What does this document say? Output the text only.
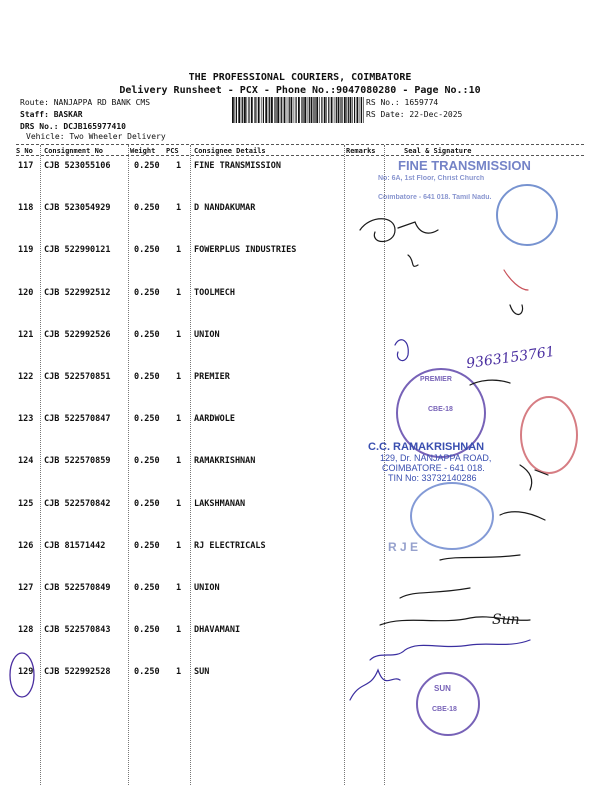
THE PROFESSIONAL COURIERS, COIMBATORE
Delivery Runsheet - PCX - Phone No.:9047080280 - Page No.:10
Route: NANJAPPA RD BANK CMS
Staff: BASKAR
DRS No.: DCJB165977410
Vehicle: Two Wheeler Delivery
RS No.: 1659774
RS Date: 22-Dec-2025
S No Consignment No	Weight PCS Consignee Details	Remarks	Seal & Signature
117 CJB 523055106	0.250 1 FINE TRANSMISSION
118 CJB 523054929	0.250 1 D NANDAKUMAR
119 CJB 522990121	0.250 1 FOWERPLUS INDUSTRIES
120 CJB 522992512	0.250 1 TOOLMECH
121 CJB 522992526	0.250 1 UNION
122 CJB 522570851	0.250 1 PREMIER
123 CJB 522570847	0.250 1 AARDWOLE
124 CJB 522570859	0.250 1 RAMAKRISHNAN
125 CJB 522570842	0.250 1 LAKSHMANAN
126 CJB 81571442	0.250 1 RJ ELECTRICALS
127 CJB 522570849	0.250 1 UNION
128 CJB 522570843	0.250 1 DHAVAMANI
129 CJB 522992528	0.250 1 SUN
FINE TRANSMISSION
No: 6A, 1st Floor, Christ Church
Coimbatore - 641 018. Tamil Nadu.
9363153761
PREMIER
CBE-18
C.C. RAMAKRISHNAN
129, Dr. NANJAPPA ROAD,
COIMBATORE - 641 018.
TIN No: 33732140286
R J E
SUN
CBE-18
Sun
